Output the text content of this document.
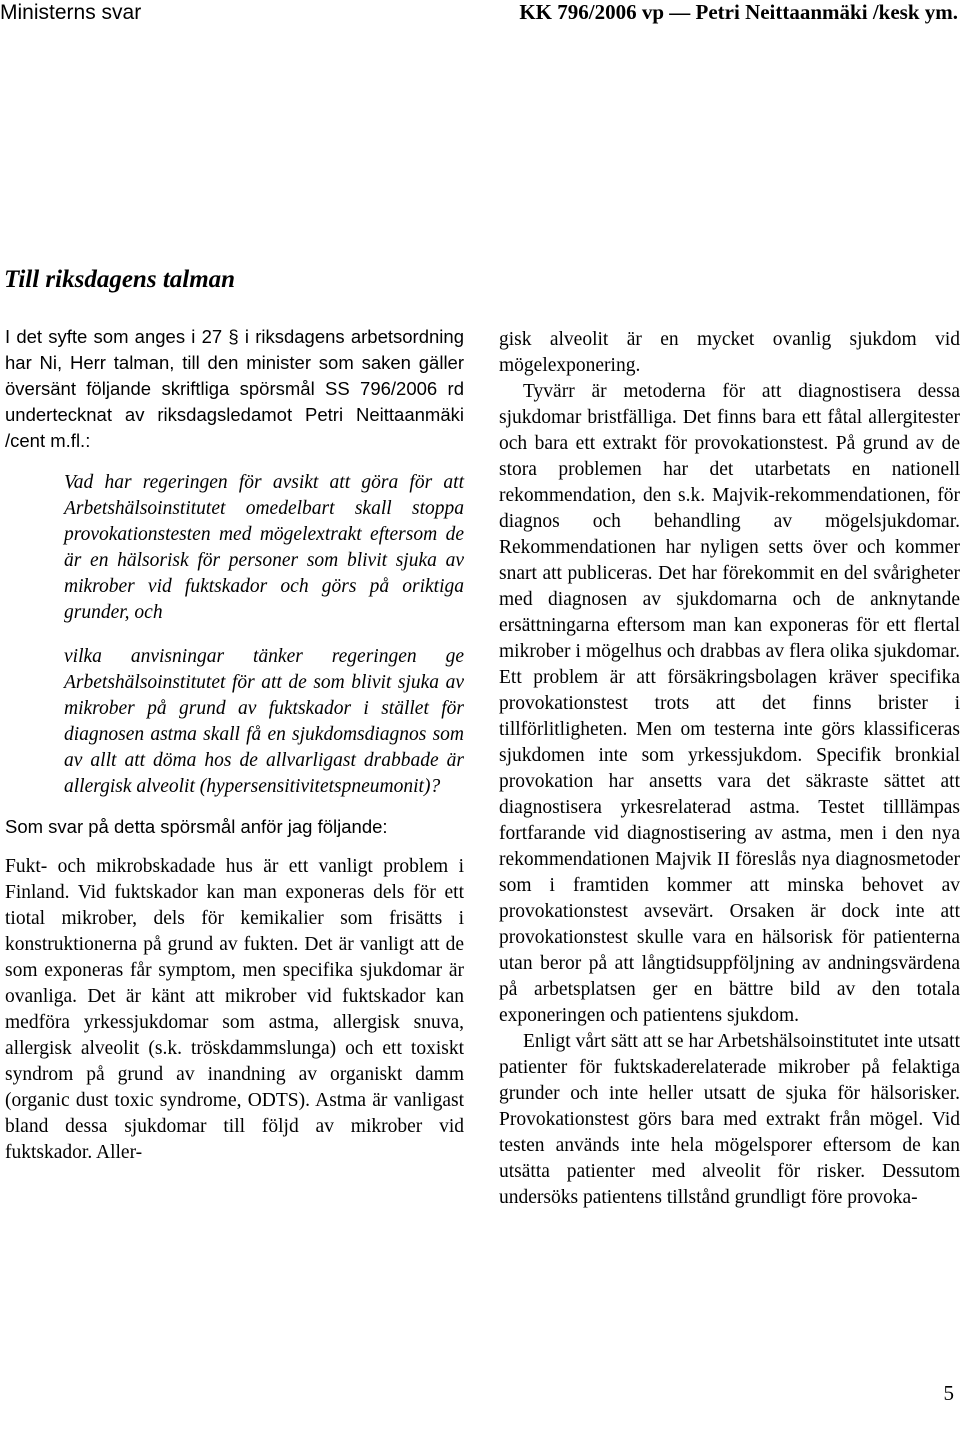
Ministerns svar	KK 796/2006 vp — Petri Neittaanmäki /kesk ym.
Till riksdagens talman

I det syfte som anges i 27 § i riksdagens arbetsordning har Ni, Herr talman, till den minister som saken gäller översänt följande skriftliga spörsmål SS 796/2006 rd undertecknat av riksdagsledamot Petri Neittaanmäki /cent m.fl.:

Vad har regeringen för avsikt att göra för att Arbetshälsoinstitutet omedelbart skall stoppa provokationstesten med mögelextrakt eftersom de är en hälsorisk för personer som blivit sjuka av mikrober vid fuktskador och görs på oriktiga grunder, och

vilka anvisningar tänker regeringen ge Arbetshälsoinstitutet för att de som blivit sjuka av mikrober på grund av fuktskador i stället för diagnosen astma skall få en sjukdomsdiagnos som av allt att döma hos de allvarligast drabbade är allergisk alveolit (hypersensitivitetspneumonit)?

Som svar på detta spörsmål anför jag följande:

Fukt- och mikrobskadade hus är ett vanligt problem i Finland. Vid fuktskador kan man exponeras dels för ett tiotal mikrober, dels för kemikalier som frisätts i konstruktionerna på grund av fukten. Det är vanligt att de som exponeras får symptom, men specifika sjukdomar är ovanliga. Det är känt att mikrober vid fuktskador kan medföra yrkessjukdomar som astma, allergisk snuva, allergisk alveolit (s.k. tröskdammslunga) och ett toxiskt syndrom på grund av inandning av organiskt damm (organic dust toxic syndrome, ODTS). Astma är vanligast bland dessa sjukdomar till följd av mikrober vid fuktskador. Aller-

gisk alveolit är en mycket ovanlig sjukdom vid mögelexponering.

Tyvärr är metoderna för att diagnostisera dessa sjukdomar bristfälliga. Det finns bara ett fåtal allergitester och bara ett extrakt för provokationstest. På grund av de stora problemen har det utarbetats en nationell rekommendation, den s.k. Majvik-rekommendationen, för diagnos och behandling av mögelsjukdomar. Rekommendationen har nyligen setts över och kommer snart att publiceras. Det har förekommit en del svårigheter med diagnosen av sjukdomarna och de anknytande ersättningarna eftersom man kan exponeras för ett flertal mikrober i mögelhus och drabbas av flera olika sjukdomar. Ett problem är att försäkringsbolagen kräver specifika provokationstest trots att det finns brister i tillförlitligheten. Men om testerna inte görs klassificeras sjukdomen inte som yrkessjukdom. Specifik bronkial provokation har ansetts vara det säkraste sättet att diagnostisera yrkesrelaterad astma. Testet tilllämpas fortfarande vid diagnostisering av astma, men i den nya rekommendationen Majvik II föreslås nya diagnosmetoder som i framtiden kommer att minska behovet av provokationstest avsevärt. Orsaken är dock inte att provokationstest skulle vara en hälsorisk för patienterna utan beror på att långtidsuppföljning av andningsvärdena på arbetsplatsen ger en bättre bild av den totala exponeringen och patientens sjukdom.

Enligt vårt sätt att se har Arbetshälsoinstitutet inte utsatt patienter för fuktskaderelaterade mikrober på felaktiga grunder och inte heller utsatt de sjuka för hälsorisker. Provokationstest görs bara med extrakt från mögel. Vid testen används inte hela mögelsporer eftersom de kan utsätta patienter med alveolit för risker. Dessutom undersöks patientens tillstånd grundligt före provoka-

5
